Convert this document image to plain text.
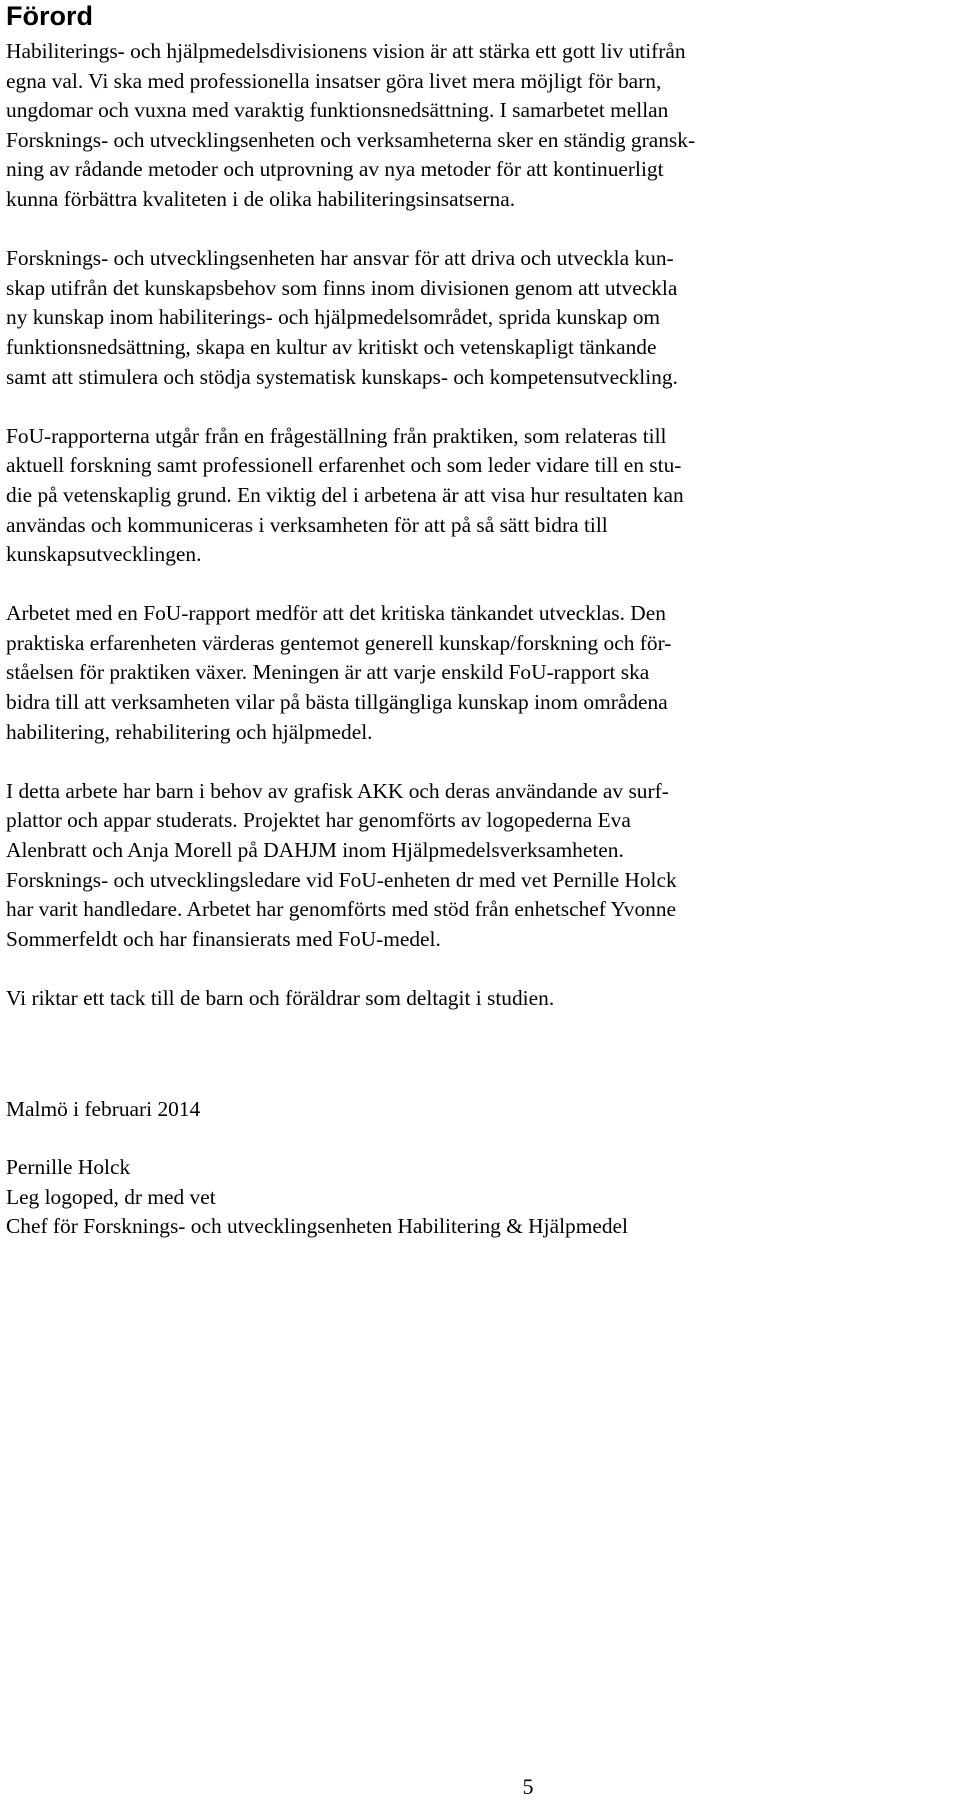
Förord

Habiliterings- och hjälpmedelsdivisionens vision är att stärka ett gott liv utifrån
egna val. Vi ska med professionella insatser göra livet mera möjligt för barn,
ungdomar och vuxna med varaktig funktionsnedsättning. I samarbetet mellan
Forsknings- och utvecklingsenheten och verksamheterna sker en ständig gransk-
ning av rådande metoder och utprovning av nya metoder för att kontinuerligt
kunna förbättra kvaliteten i de olika habiliteringsinsatserna.

Forsknings- och utvecklingsenheten har ansvar för att driva och utveckla kun-
skap utifrån det kunskapsbehov som finns inom divisionen genom att utveckla
ny kunskap inom habiliterings- och hjälpmedelsområdet, sprida kunskap om
funktionsnedsättning, skapa en kultur av kritiskt och vetenskapligt tänkande
samt att stimulera och stödja systematisk kunskaps- och kompetensutveckling.

FoU-rapporterna utgår från en frågeställning från praktiken, som relateras till
aktuell forskning samt professionell erfarenhet och som leder vidare till en stu-
die på vetenskaplig grund. En viktig del i arbetena är att visa hur resultaten kan
användas och kommuniceras i verksamheten för att på så sätt bidra till
kunskapsutvecklingen.

Arbetet med en FoU-rapport medför att det kritiska tänkandet utvecklas. Den
praktiska erfarenheten värderas gentemot generell kunskap/forskning och för-
ståelsen för praktiken växer. Meningen är att varje enskild FoU-rapport ska
bidra till att verksamheten vilar på bästa tillgängliga kunskap inom områdena
habilitering, rehabilitering och hjälpmedel.

I detta arbete har barn i behov av grafisk AKK och deras användande av surf-
plattor och appar studerats. Projektet har genomförts av logopederna Eva
Alenbratt och Anja Morell på DAHJM inom Hjälpmedelsverksamheten.
Forsknings- och utvecklingsledare vid FoU-enheten dr med vet Pernille Holck
har varit handledare. Arbetet har genomförts med stöd från enhetschef Yvonne
Sommerfeldt och har finansierats med FoU-medel.

Vi riktar ett tack till de barn och föräldrar som deltagit i studien.

Malmö i februari 2014

Pernille Holck

Leg logoped, dr med vet

Chef för Forsknings- och utvecklingsenheten Habilitering & Hjälpmedel

5
